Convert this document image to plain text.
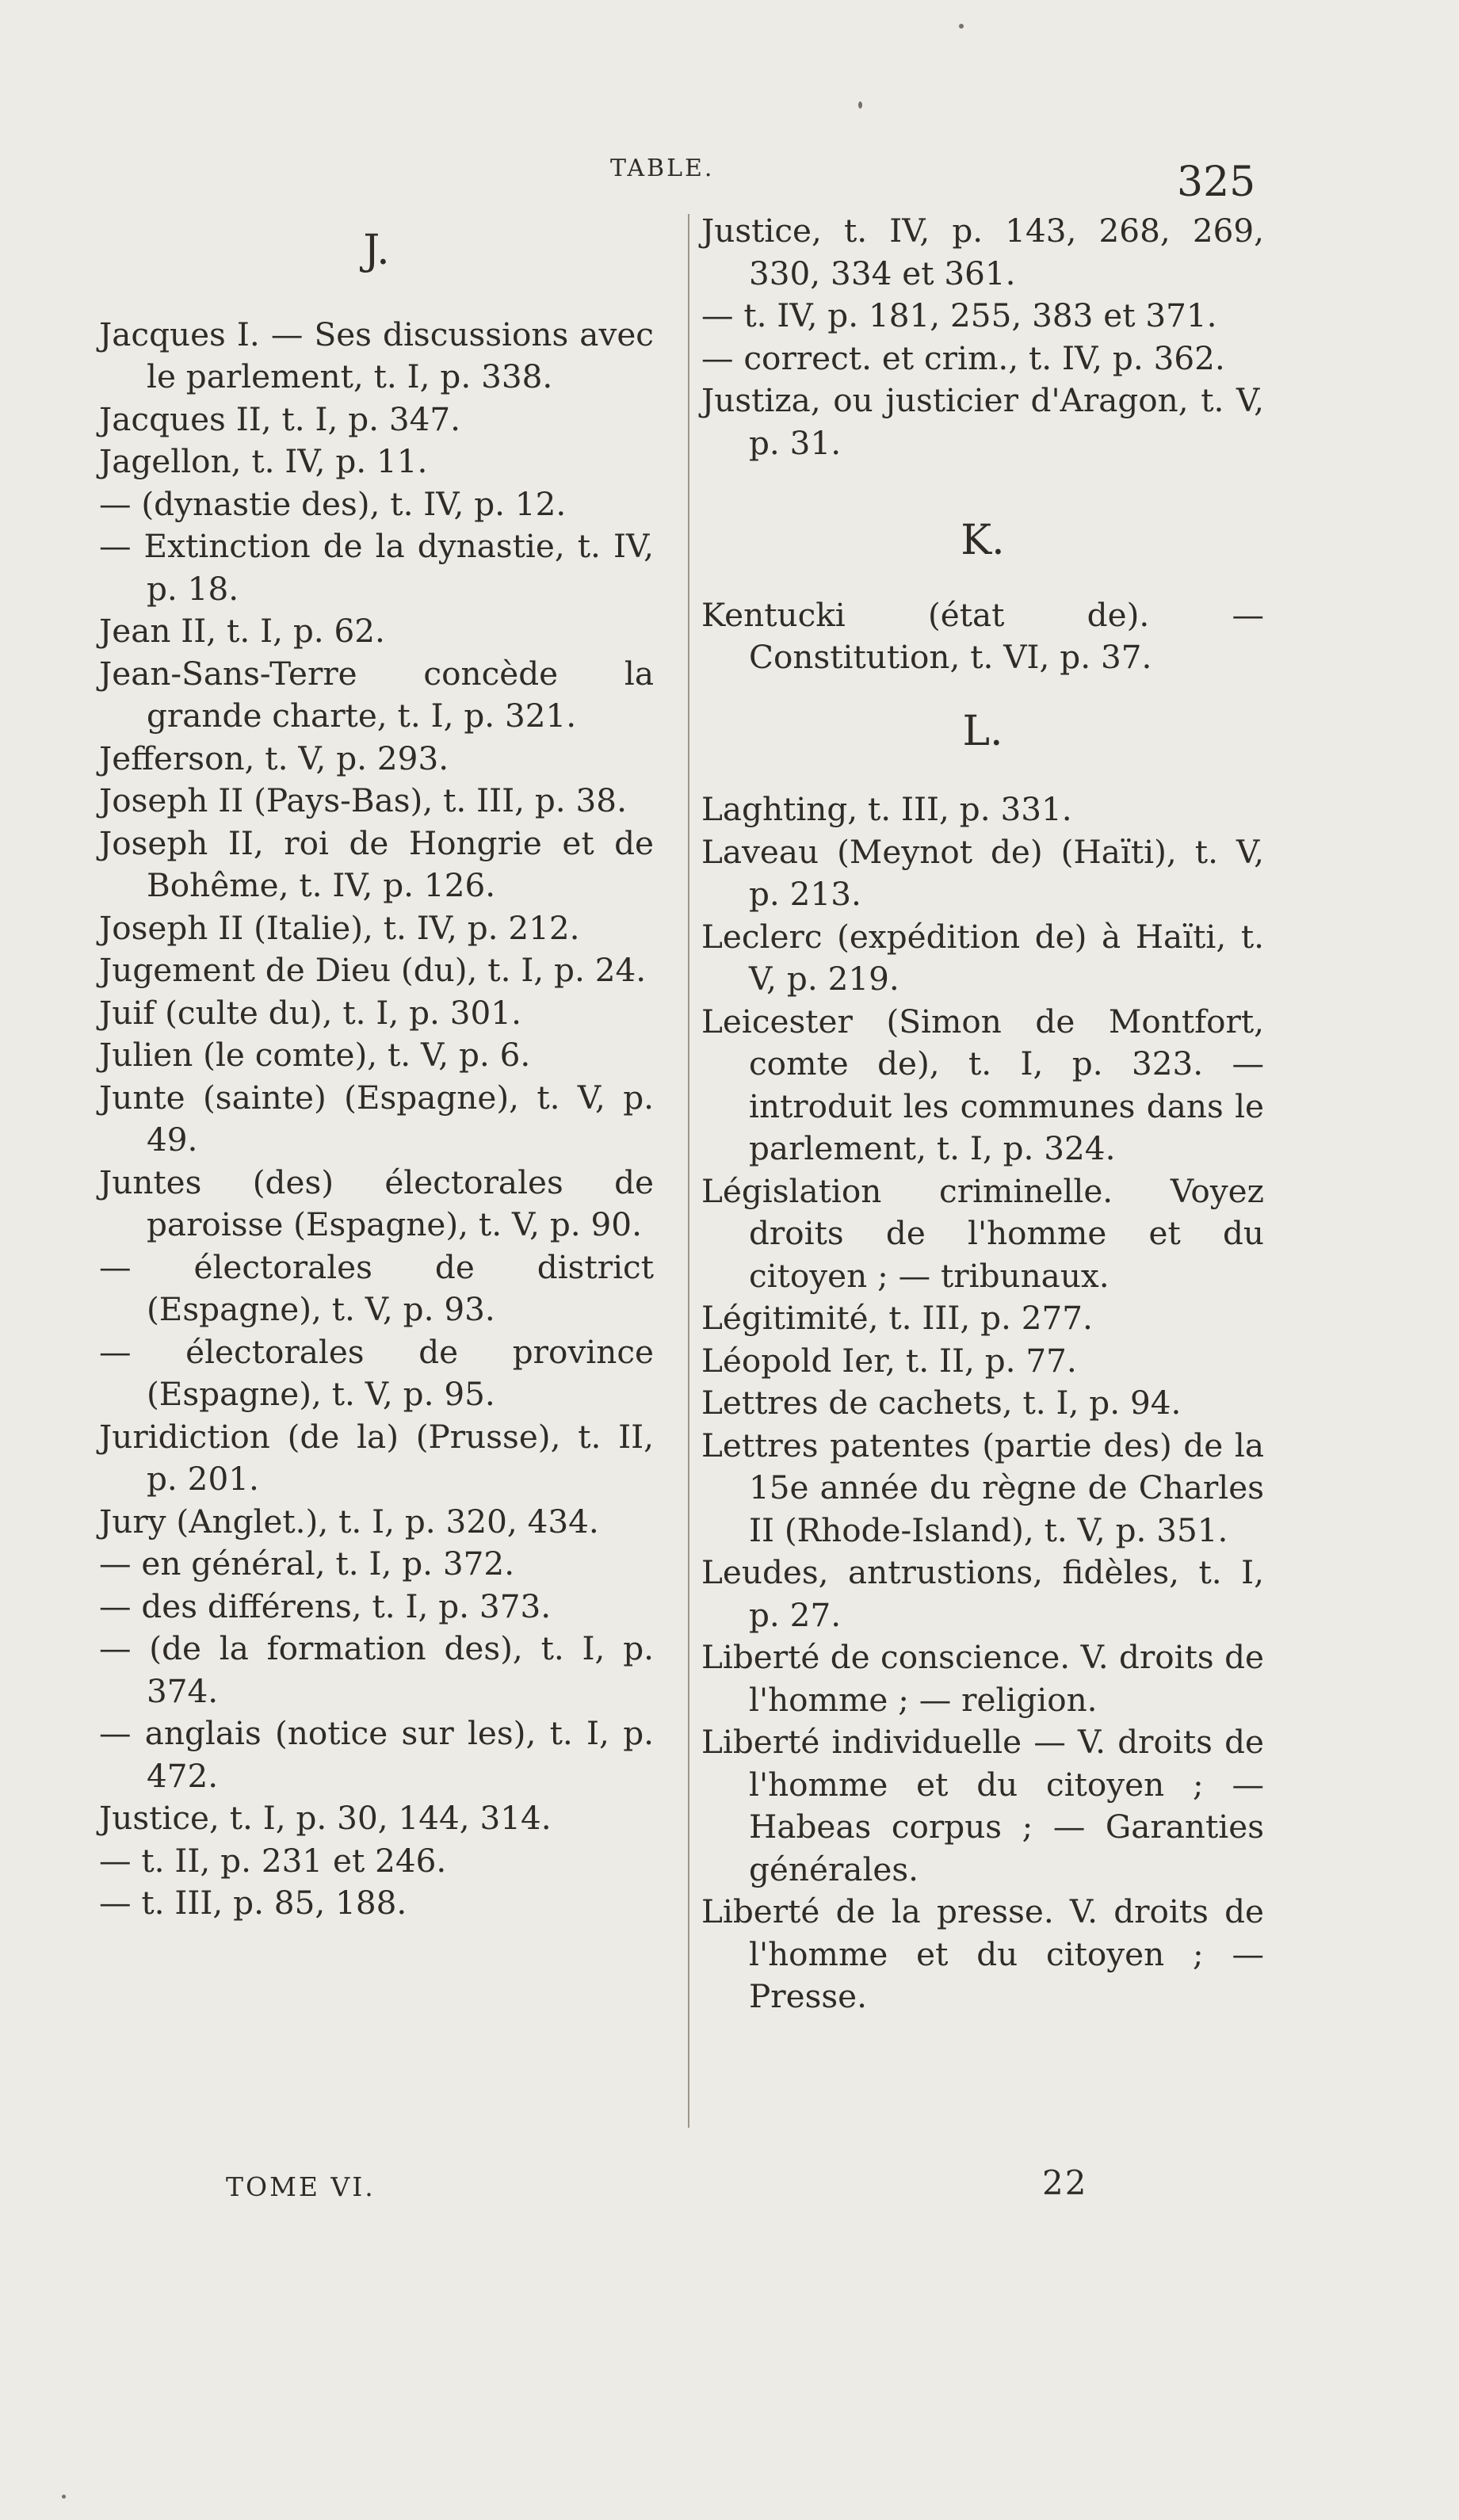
TABLE.	325
J.

Jacques I. — Ses discussions avec le parlement, t. I, p. 338.

Jacques II, t. I, p. 347.

Jagellon, t. IV, p. 11.

— (dynastie des), t. IV, p. 12.

— Extinction de la dynastie, t. IV, p. 18.

Jean II, t. I, p. 62.

Jean-Sans-Terre concède la grande charte, t. I, p. 321.

Jefferson, t. V, p. 293.

Joseph II (Pays-Bas), t. III, p. 38.

Joseph II, roi de Hongrie et de Bohême, t. IV, p. 126.

Joseph II (Italie), t. IV, p. 212.

Jugement de Dieu (du), t. I, p. 24.

Juif (culte du), t. I, p. 301.

Julien (le comte), t. V, p. 6.

Junte (sainte) (Espagne), t. V, p. 49.

Juntes (des) électorales de paroisse (Espagne), t. V, p. 90.

— électorales de district (Espagne), t. V, p. 93.

— électorales de province (Espagne), t. V, p. 95.

Juridiction (de la) (Prusse), t. II, p. 201.

Jury (Anglet.), t. I, p. 320, 434.

— en général, t. I, p. 372.

— des différens, t. I, p. 373.

— (de la formation des), t. I, p. 374.

— anglais (notice sur les), t. I, p. 472.

Justice, t. I, p. 30, 144, 314.

— t. II, p. 231 et 246.

— t. III, p. 85, 188.

Justice, t. IV, p. 143, 268, 269, 330, 334 et 361.

— t. IV, p. 181, 255, 383 et 371.

— correct. et crim., t. IV, p. 362.

Justiza, ou justicier d'Aragon, t. V, p. 31.

K.

Kentucki (état de). — Constitution, t. VI, p. 37.

L.

Laghting, t. III, p. 331.

Laveau (Meynot de) (Haïti), t. V, p. 213.

Leclerc (expédition de) à Haïti, t. V, p. 219.

Leicester (Simon de Montfort, comte de), t. I, p. 323. — introduit les communes dans le parlement, t. I, p. 324.

Législation criminelle. Voyez droits de l'homme et du citoyen ; — tribunaux.

Légitimité, t. III, p. 277.

Léopold Ier, t. II, p. 77.

Lettres de cachets, t. I, p. 94.

Lettres patentes (partie des) de la 15e année du règne de Charles II (Rhode-Island), t. V, p. 351.

Leudes, antrustions, fidèles, t. I, p. 27.

Liberté de conscience. V. droits de l'homme ; — religion.

Liberté individuelle — V. droits de l'homme et du citoyen ; — Habeas corpus ; — Garanties générales.

Liberté de la presse. V. droits de l'homme et du citoyen ; — Presse.

TOME VI.	22
